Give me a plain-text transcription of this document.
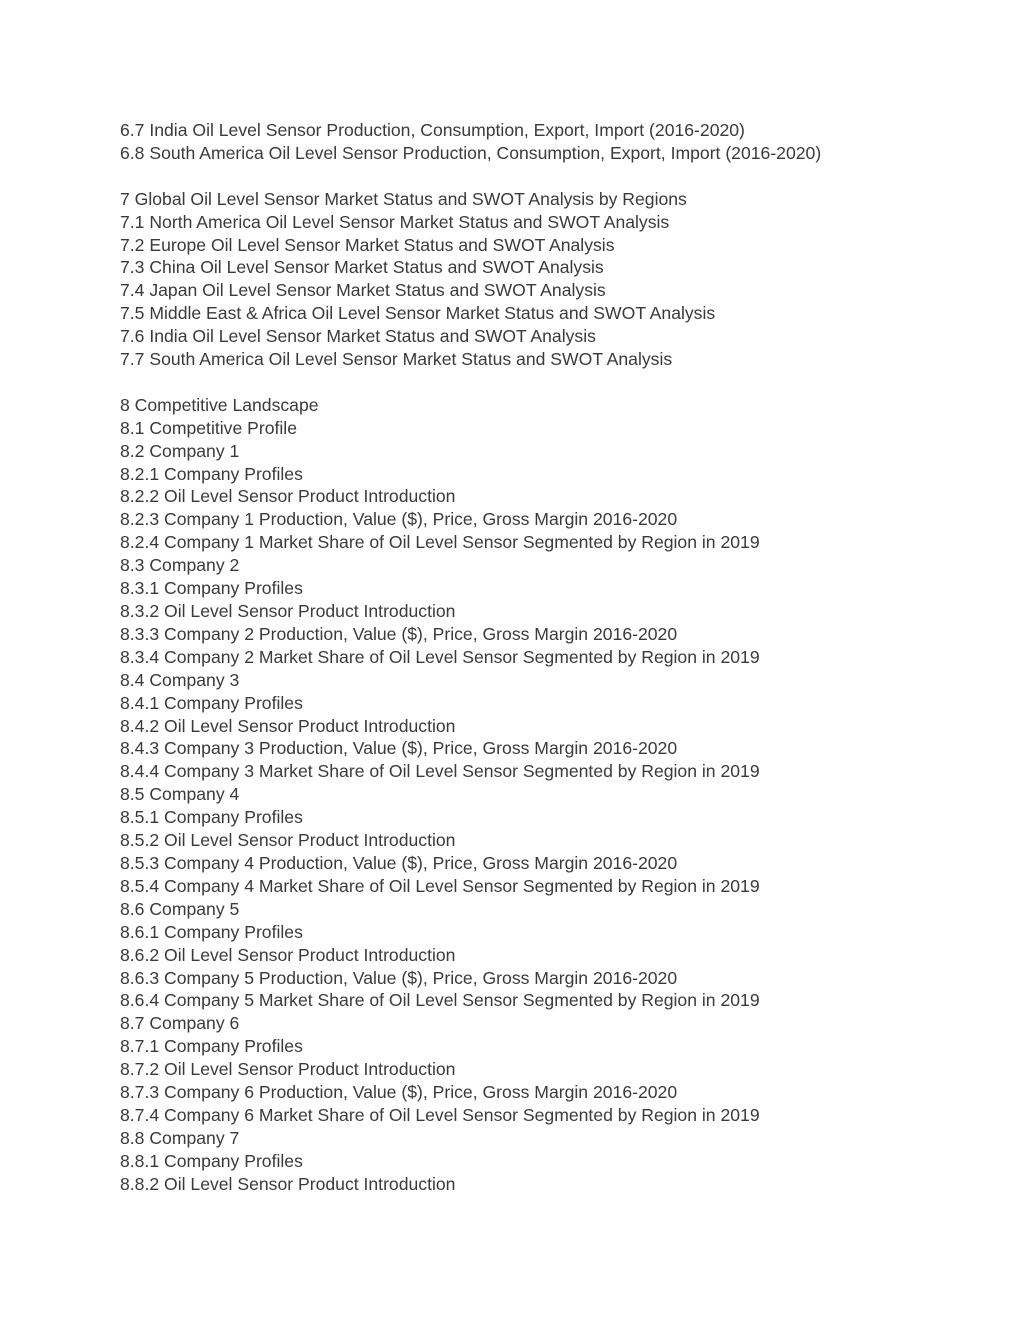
6.7 India Oil Level Sensor Production, Consumption, Export, Import (2016-2020)
6.8 South America Oil Level Sensor Production, Consumption, Export, Import (2016-2020)
7 Global Oil Level Sensor Market Status and SWOT Analysis by Regions
7.1 North America Oil Level Sensor Market Status and SWOT Analysis
7.2 Europe Oil Level Sensor Market Status and SWOT Analysis
7.3 China Oil Level Sensor Market Status and SWOT Analysis
7.4 Japan Oil Level Sensor Market Status and SWOT Analysis
7.5 Middle East & Africa Oil Level Sensor Market Status and SWOT Analysis
7.6 India Oil Level Sensor Market Status and SWOT Analysis
7.7 South America Oil Level Sensor Market Status and SWOT Analysis
8 Competitive Landscape
8.1 Competitive Profile
8.2 Company 1
8.2.1 Company Profiles
8.2.2 Oil Level Sensor Product Introduction
8.2.3 Company 1 Production, Value ($), Price, Gross Margin 2016-2020
8.2.4 Company 1 Market Share of Oil Level Sensor Segmented by Region in 2019
8.3 Company 2
8.3.1 Company Profiles
8.3.2 Oil Level Sensor Product Introduction
8.3.3 Company 2 Production, Value ($), Price, Gross Margin 2016-2020
8.3.4 Company 2 Market Share of Oil Level Sensor Segmented by Region in 2019
8.4 Company 3
8.4.1 Company Profiles
8.4.2 Oil Level Sensor Product Introduction
8.4.3 Company 3 Production, Value ($), Price, Gross Margin 2016-2020
8.4.4 Company 3 Market Share of Oil Level Sensor Segmented by Region in 2019
8.5 Company 4
8.5.1 Company Profiles
8.5.2 Oil Level Sensor Product Introduction
8.5.3 Company 4 Production, Value ($), Price, Gross Margin 2016-2020
8.5.4 Company 4 Market Share of Oil Level Sensor Segmented by Region in 2019
8.6 Company 5
8.6.1 Company Profiles
8.6.2 Oil Level Sensor Product Introduction
8.6.3 Company 5 Production, Value ($), Price, Gross Margin 2016-2020
8.6.4 Company 5 Market Share of Oil Level Sensor Segmented by Region in 2019
8.7 Company 6
8.7.1 Company Profiles
8.7.2 Oil Level Sensor Product Introduction
8.7.3 Company 6 Production, Value ($), Price, Gross Margin 2016-2020
8.7.4 Company 6 Market Share of Oil Level Sensor Segmented by Region in 2019
8.8 Company 7
8.8.1 Company Profiles
8.8.2 Oil Level Sensor Product Introduction
